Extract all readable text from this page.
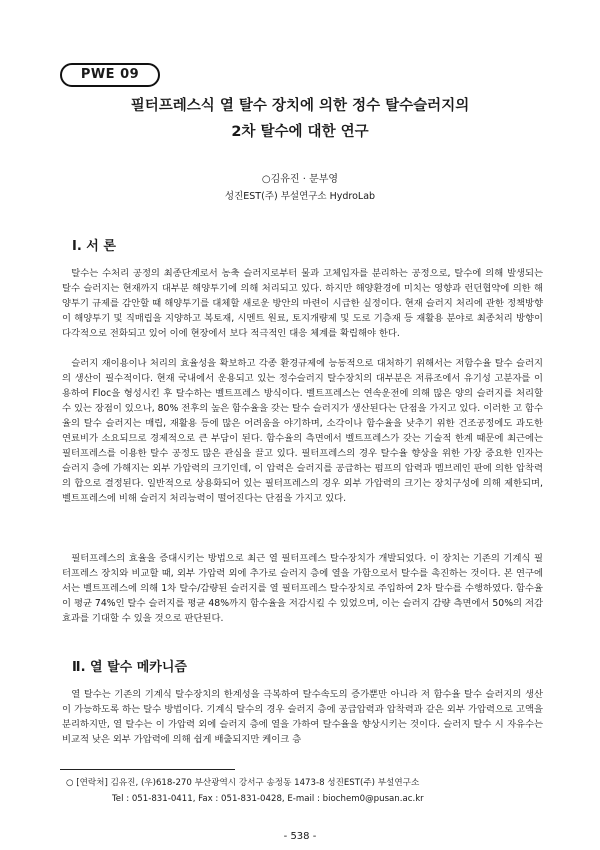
PWE 09
필터프레스식 열 탈수 장치에 의한 정수 탈수슬러지의
2차 탈수에 대한 연구
○김유진 · 문부영
성진EST(주) 부설연구소 HydroLab
Ⅰ. 서 론

탈수는 수처리 공정의 최종단계로서 농축 슬러지로부터 물과 고체입자를 분리하는 공정으로, 탈수에 의해 발생되는 탈수 슬러지는 현재까지 대부분 해양투기에 의해 처리되고 있다. 하지만 해양환경에 미치는 영향과 런던협약에 의한 해양투기 규제를 감안할 때 해양투기를 대체할 새로운 방안의 마련이 시급한 실정이다. 현재 슬러지 처리에 관한 정책방향이 해양투기 및 직매립을 지양하고 복토재, 시멘트 원료, 토지개량제 및 도로 기층재 등 재활용 분야로 최종처리 방향이 다각적으로 전화되고 있어 이에 현장에서 보다 적극적인 대응 체계를 확립해야 한다.

슬러지 재이용이나 처리의 효율성을 확보하고 각종 환경규제에 능동적으로 대처하기 위해서는 저함수율 탈수 슬러지의 생산이 필수적이다. 현재 국내에서 운용되고 있는 정수슬러지 탈수장치의 대부분은 저류조에서 유기성 고분자를 이용하여 Floc을 형성시킨 후 탈수하는 벨트프레스 방식이다. 벨트프레스는 연속운전에 의해 많은 양의 슬러지를 처리할 수 있는 장점이 있으나, 80% 전후의 높은 함수율을 갖는 탈수 슬러지가 생산된다는 단점을 가지고 있다. 이러한 고 함수율의 탈수 슬러지는 매립, 재활용 등에 많은 어려움을 야기하며, 소각이나 함수율을 낮추기 위한 건조공정에도 과도한 연료비가 소요되므로 경제적으로 큰 부담이 된다. 함수율의 측면에서 벨트프레스가 갖는 기술적 한계 때문에 최근에는 필터프레스를 이용한 탈수 공정도 많은 관심을 끌고 있다. 필터프레스의 경우 탈수율 향상을 위한 가장 중요한 인자는 슬러지 층에 가해지는 외부 가압력의 크기인데, 이 압력은 슬러지를 공급하는 펌프의 압력과 멤브레인 판에 의한 압착력의 합으로 결정된다. 일반적으로 상용화되어 있는 필터프레스의 경우 외부 가압력의 크기는 장치구성에 의해 제한되며, 벨트프레스에 비해 슬러지 처리능력이 떨어진다는 단점을 가지고 있다.

필터프레스의 효율을 증대시키는 방법으로 최근 열 필터프레스 탈수장치가 개발되었다. 이 장치는 기존의 기계식 필터프레스 장치와 비교할 때, 외부 가압력 외에 추가로 슬러지 층에 열을 가함으로서 탈수를 촉진하는 것이다. 본 연구에서는 벨트프레스에 의해 1차 탈수/감량된 슬러지를 열 필터프레스 탈수장치로 주입하여 2차 탈수를 수행하였다. 함수율이 평균 74%인 탈수 슬러지를 평균 48%까지 함수율을 저감시킬 수 있었으며, 이는 슬러지 감량 측면에서 50%의 저감 효과를 기대할 수 있을 것으로 판단된다.

Ⅱ. 열 탈수 메카니즘

열 탈수는 기존의 기계식 탈수장치의 한계성을 극복하여 탈수속도의 증가뿐만 아니라 저 함수율 탈수 슬러지의 생산이 가능하도록 하는 탈수 방법이다. 기계식 탈수의 경우 슬러지 층에 공급압력과 압착력과 같은 외부 가압력으로 고액을 분리하지만, 열 탈수는 이 가압력 외에 슬러지 층에 열을 가하여 탈수율을 향상시키는 것이다. 슬러지 탈수 시 자유수는 비교적 낮은 외부 가압력에 의해 쉽게 배출되지만 케이크 층

○ [연락처] 김유진, (우)618-270 부산광역시 강서구 송정동 1473-8 성진EST(주) 부설연구소
Tel : 051-831-0411, Fax : 051-831-0428, E-mail : biochem0@pusan.ac.kr
- 538 -
